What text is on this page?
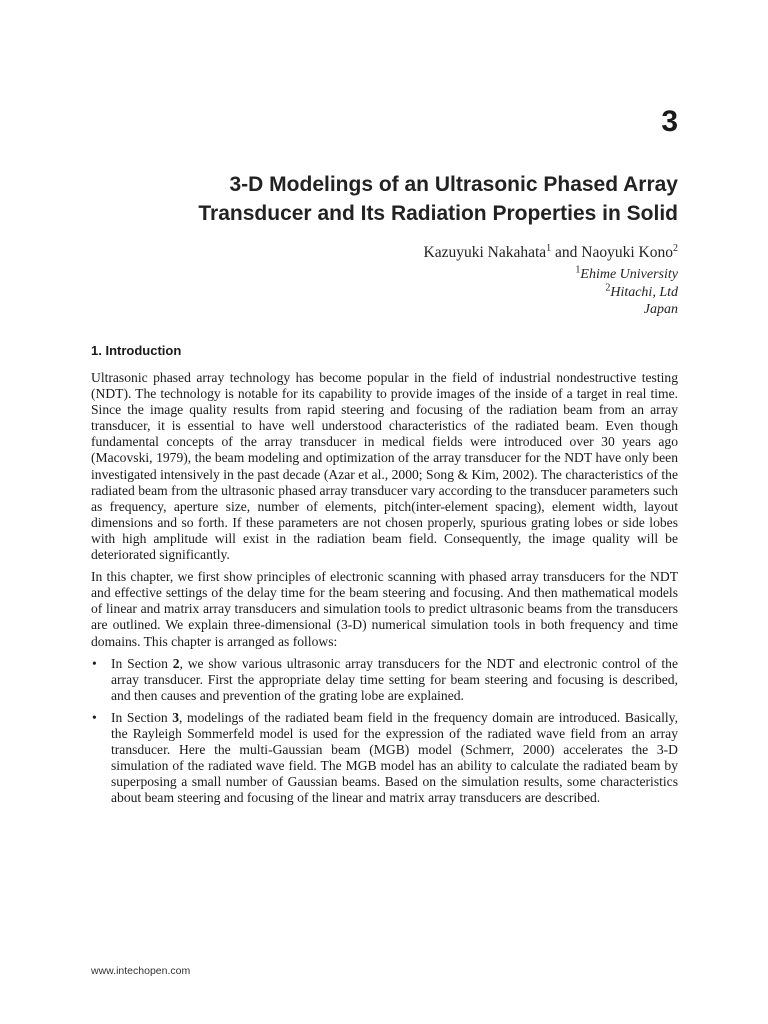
3
3-D Modelings of an Ultrasonic Phased Array
Transducer and Its Radiation Properties in Solid

Kazuyuki Nakahata$^1$ and Naoyuki Kono$^2$

$^1$Ehime University

$^2$Hitachi, Ltd

Japan

1. Introduction

Ultrasonic phased array technology has become popular in the field of industrial nondestructive testing (NDT). The technology is notable for its capability to provide images of the inside of a target in real time. Since the image quality results from rapid steering and focusing of the radiation beam from an array transducer, it is essential to have well understood characteristics of the radiated beam. Even though fundamental concepts of the array transducer in medical fields were introduced over 30 years ago (Macovski, 1979), the beam modeling and optimization of the array transducer for the NDT have only been investigated intensively in the past decade (Azar et al., 2000; Song & Kim, 2002). The characteristics of the radiated beam from the ultrasonic phased array transducer vary according to the transducer parameters such as frequency, aperture size, number of elements, pitch(inter-element spacing), element width, layout dimensions and so forth. If these parameters are not chosen properly, spurious grating lobes or side lobes with high amplitude will exist in the radiation beam field. Consequently, the image quality will be deteriorated significantly.

In this chapter, we first show principles of electronic scanning with phased array transducers for the NDT and effective settings of the delay time for the beam steering and focusing. And then mathematical models of linear and matrix array transducers and simulation tools to predict ultrasonic beams from the transducers are outlined. We explain three-dimensional (3-D) numerical simulation tools in both frequency and time domains. This chapter is arranged as follows:

• In Section 2, we show various ultrasonic array transducers for the NDT and electronic control of the array transducer. First the appropriate delay time setting for beam steering and focusing is described, and then causes and prevention of the grating lobe are explained.
• In Section 3, modelings of the radiated beam field in the frequency domain are introduced. Basically, the Rayleigh Sommerfeld model is used for the expression of the radiated wave field from an array transducer. Here the multi-Gaussian beam (MGB) model (Schmerr, 2000) accelerates the 3-D simulation of the radiated wave field. The MGB model has an ability to calculate the radiated beam by superposing a small number of Gaussian beams. Based on the simulation results, some characteristics about beam steering and focusing of the linear and matrix array transducers are described.
www.intechopen.com
